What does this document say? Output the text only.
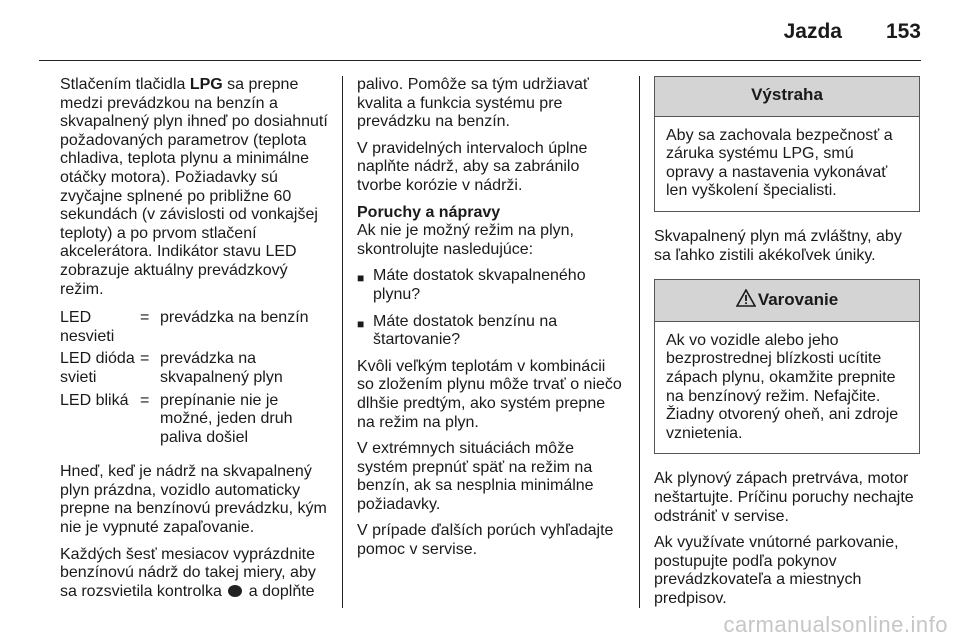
Jazda 153

Stlačením tlačidla LPG sa prepne medzi prevádzkou na benzín a skvapalnený plyn ihneď po dosiahnutí požadovaných parametrov (teplota chladiva, teplota plynu a minimálne otáčky motora). Požiadavky sú zvyčajne splnené po približne 60 sekundách (v závislosti od vonkajšej teploty) a po prvom stlačení akcelerátora. Indikátor stavu LED zobrazuje aktuálny prevádzkový režim.

LED nesvieti
= prevádzka na benzín
LED dióda svieti
= prevádzka na skvapalnený plyn
LED bliká = prepínanie nie je možné, jeden druh paliva došiel

Hneď, keď je nádrž na skvapalnený plyn prázdna, vozidlo automaticky prepne na benzínovú prevádzku, kým nie je vypnuté zapaľovanie.

Každých šesť mesiacov vyprázdnite benzínovú nádrž do takej miery, aby sa rozsvietila kontrolka  a doplňte

palivo. Pomôže sa tým udržiavať kvalita a funkcia systému pre prevádzku na benzín.

V pravidelných intervaloch úplne naplňte nádrž, aby sa zabránilo tvorbe korózie v nádrži.

Poruchy a nápravy

Ak nie je možný režim na plyn, skontrolujte nasledujúce:

■ Máte dostatok skvapalneného plynu?
■ Máte dostatok benzínu na štartovanie?

Kvôli veľkým teplotám v kombinácii so zložením plynu môže trvať o niečo dlhšie predtým, ako systém prepne na režim na plyn.

V extrémnych situáciách môže systém prepnúť späť na režim na benzín, ak sa nesplnia minimálne požiadavky.

V prípade ďalších porúch vyhľadajte pomoc v servise.

Výstraha
Aby sa zachovala bezpečnosť a záruka systému LPG, smú opravy a nastavenia vykonávať len vyškolení špecialisti.

Skvapalnený plyn má zvláštny, aby sa ľahko zistili akékoľvek úniky.

Varovanie
Ak vo vozidle alebo jeho bezprostrednej blízkosti ucítite zápach plynu, okamžite prepnite na benzínový režim. Nefajčite. Žiadny otvorený oheň, ani zdroje vznietenia.

Ak plynový zápach pretrváva, motor neštartujte. Príčinu poruchy nechajte odstrániť v servise.

Ak využívate vnútorné parkovanie, postupujte podľa pokynov prevádzkovateľa a miestnych predpisov.

carmanualsonline.info
